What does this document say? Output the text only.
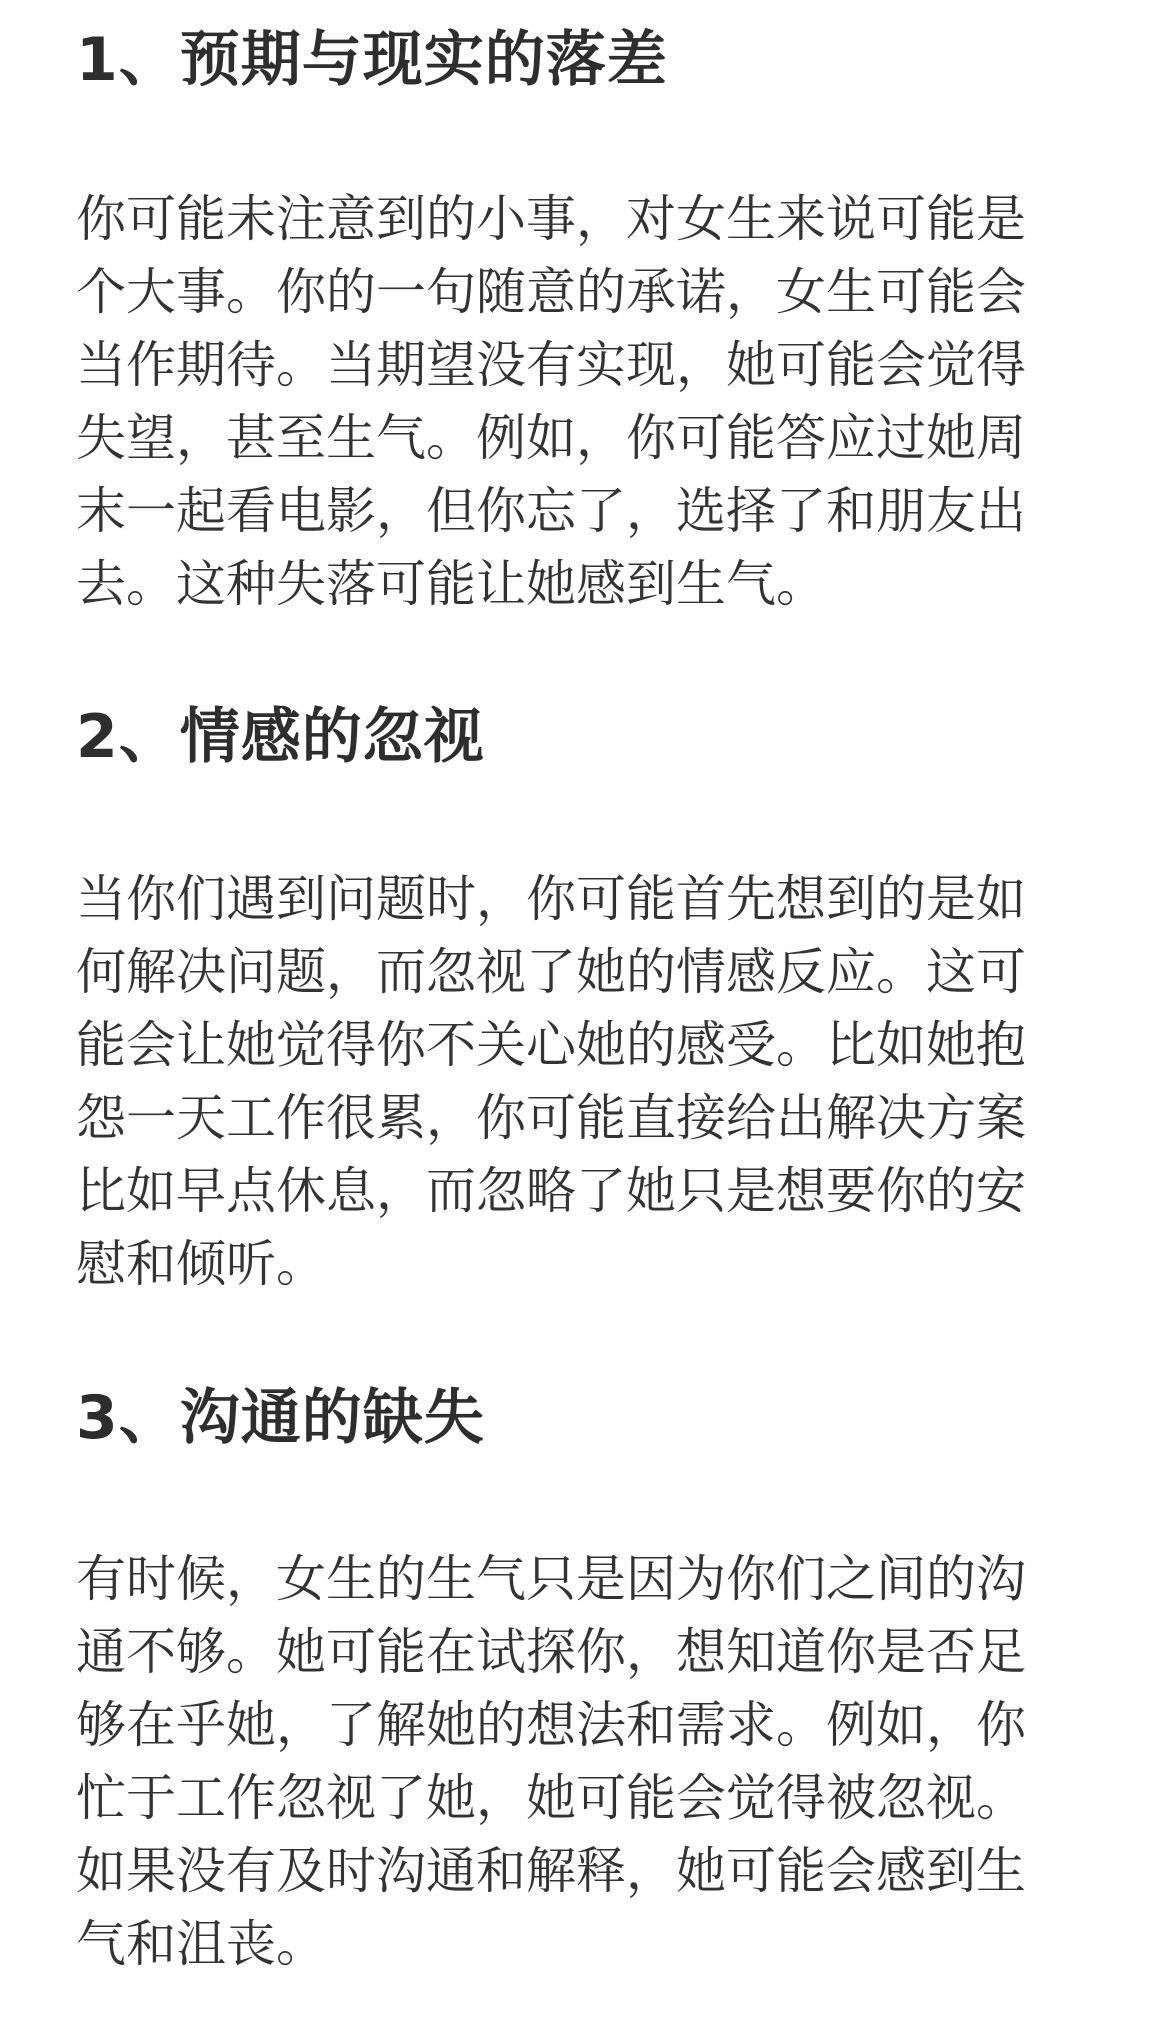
1、预期与现实的落差
你可能未注意到的小事，对女生来说可能是
个大事。你的一句随意的承诺，女生可能会
当作期待。当期望没有实现，她可能会觉得
失望，甚至生气。例如，你可能答应过她周
末一起看电影，但你忘了，选择了和朋友出
去。这种失落可能让她感到生气。
2、情感的忽视
当你们遇到问题时，你可能首先想到的是如
何解决问题，而忽视了她的情感反应。这可
能会让她觉得你不关心她的感受。比如她抱
怨一天工作很累，你可能直接给出解决方案
比如早点休息，而忽略了她只是想要你的安
慰和倾听。
3、沟通的缺失
有时候，女生的生气只是因为你们之间的沟
通不够。她可能在试探你，想知道你是否足
够在乎她，了解她的想法和需求。例如，你
忙于工作忽视了她，她可能会觉得被忽视。
如果没有及时沟通和解释，她可能会感到生
气和沮丧。
